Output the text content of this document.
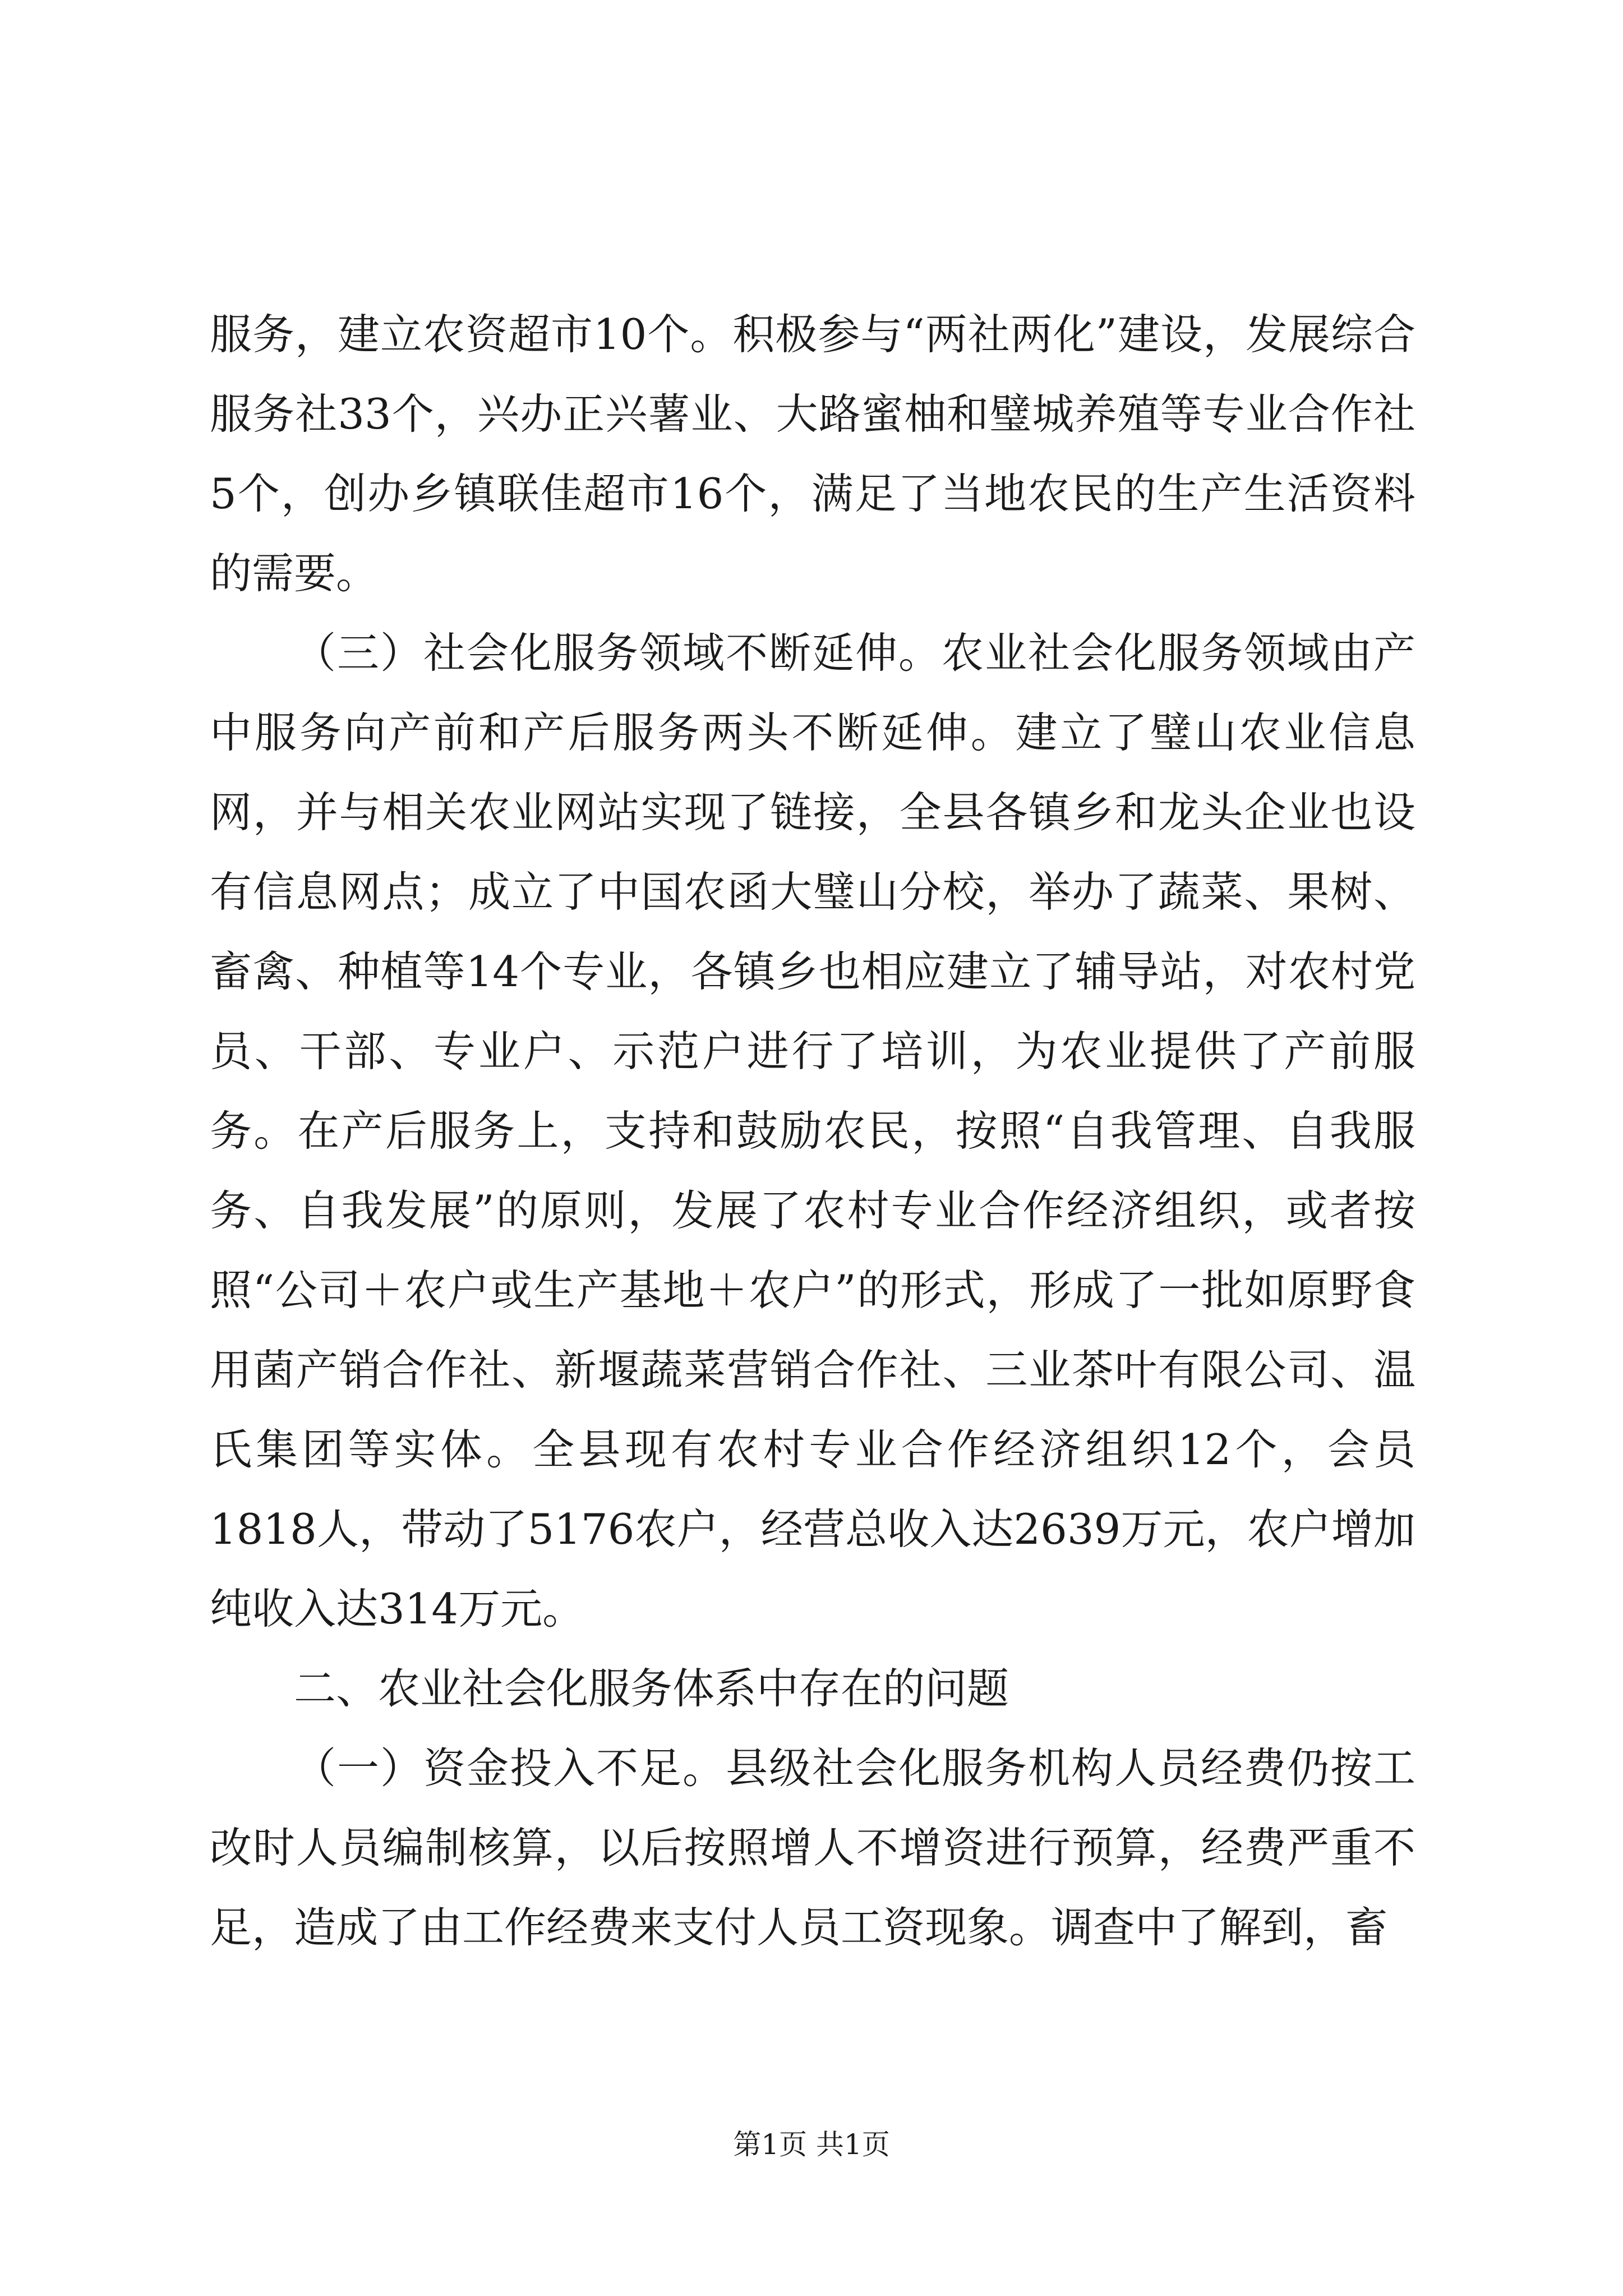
服务，建立农资超市10个。积极参与“两社两化”建设，发展综合服务社33个，兴办正兴薯业、大路蜜柚和璧城养殖等专业合作社5个，创办乡镇联佳超市16个，满足了当地农民的生产生活资料的需要。

（三）社会化服务领域不断延伸。农业社会化服务领域由产中服务向产前和产后服务两头不断延伸。建立了璧山农业信息网，并与相关农业网站实现了链接，全县各镇乡和龙头企业也设有信息网点；成立了中国农函大璧山分校，举办了蔬菜、果树、畜禽、种植等14个专业，各镇乡也相应建立了辅导站，对农村党员、干部、专业户、示范户进行了培训，为农业提供了产前服务。在产后服务上，支持和鼓励农民，按照“自我管理、自我服务、自我发展”的原则，发展了农村专业合作经济组织，或者按照“公司＋农户或生产基地＋农户”的形式，形成了一批如原野食用菌产销合作社、新堰蔬菜营销合作社、三业茶叶有限公司、温氏集团等实体。全县现有农村专业合作经济组织12个，会员1818人，带动了5176农户，经营总收入达2639万元，农户增加纯收入达314万元。

二、农业社会化服务体系中存在的问题

（一）资金投入不足。县级社会化服务机构人员经费仍按工改时人员编制核算，以后按照增人不增资进行预算，经费严重不足，造成了由工作经费来支付人员工资现象。调查中了解到，畜

第1页 共1页
